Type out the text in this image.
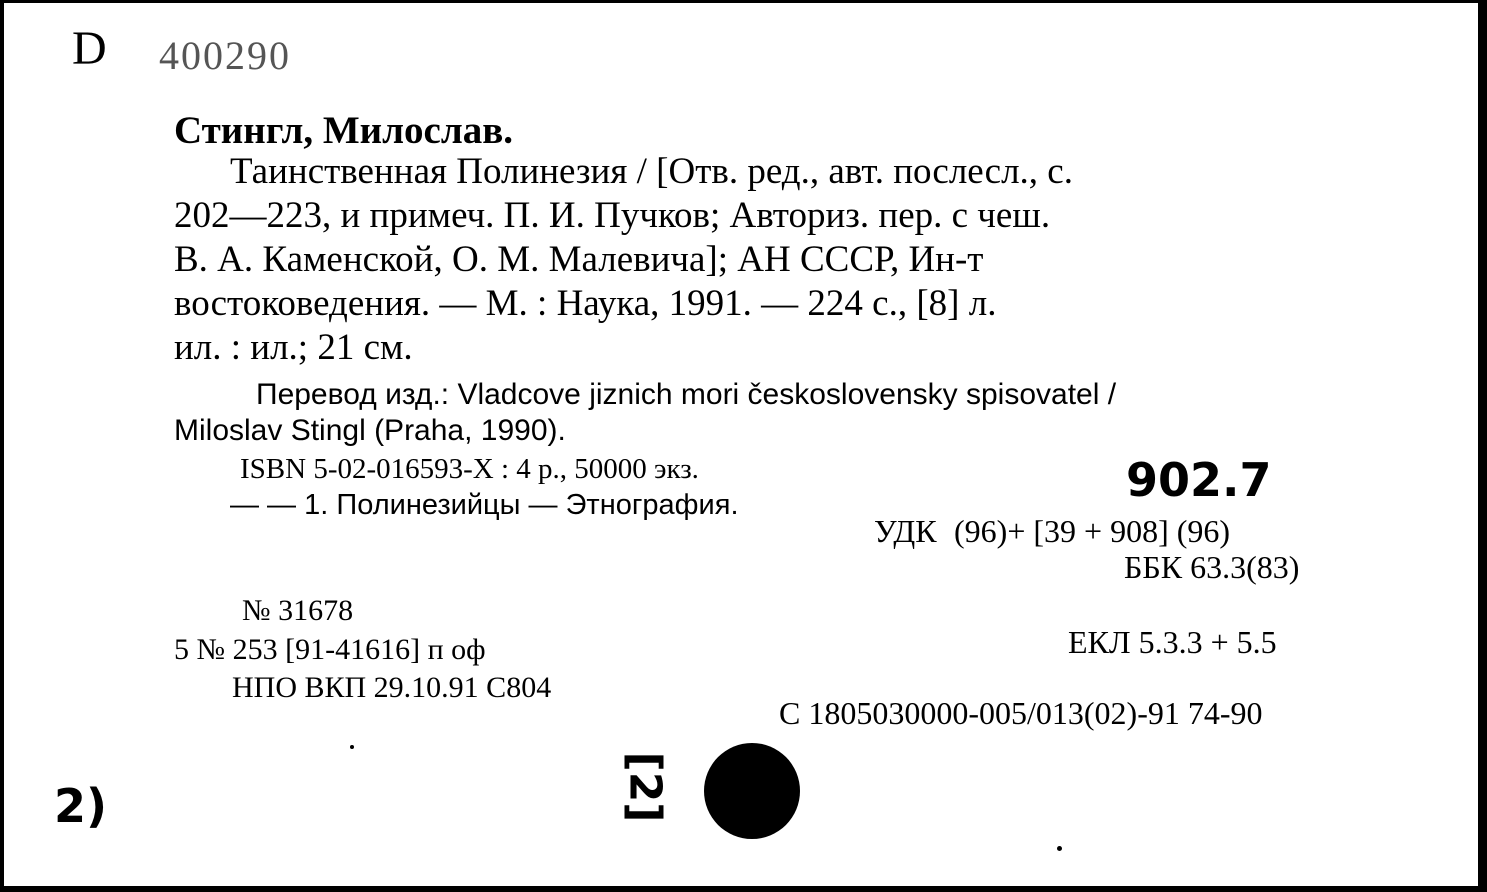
D 400290
Стингл, Милослав.
Таинственная Полинезия / [Отв. ред., авт. послесл., с.
202—223, и примеч. П. И. Пучков; Авториз. пер. с чеш.
В. А. Каменской, О. М. Малевича]; АН СССР, Ин-т
востоковедения. — М. : Наука, 1991. — 224 с., [8] л.
ил. : ил.; 21 см.
Перевод изд.: Vladcove jiznich mori československy spisovatel /
Miloslav Stingl (Praha, 1990).
ISBN 5-02-016593-X : 4 р., 50000 экз.
— — 1. Полинезийцы — Этнография.	902.7
УДК (96)+ [39 + 908] (96)
ББК 63.3(83)
№ 31678
5 № 253 [91-41616] п оф
НПО ВКП 29.10.91 С804
ЕКЛ 5.3.3 + 5.5
С 1805030000-005/013(02)-91 74-90
[2]
2)
